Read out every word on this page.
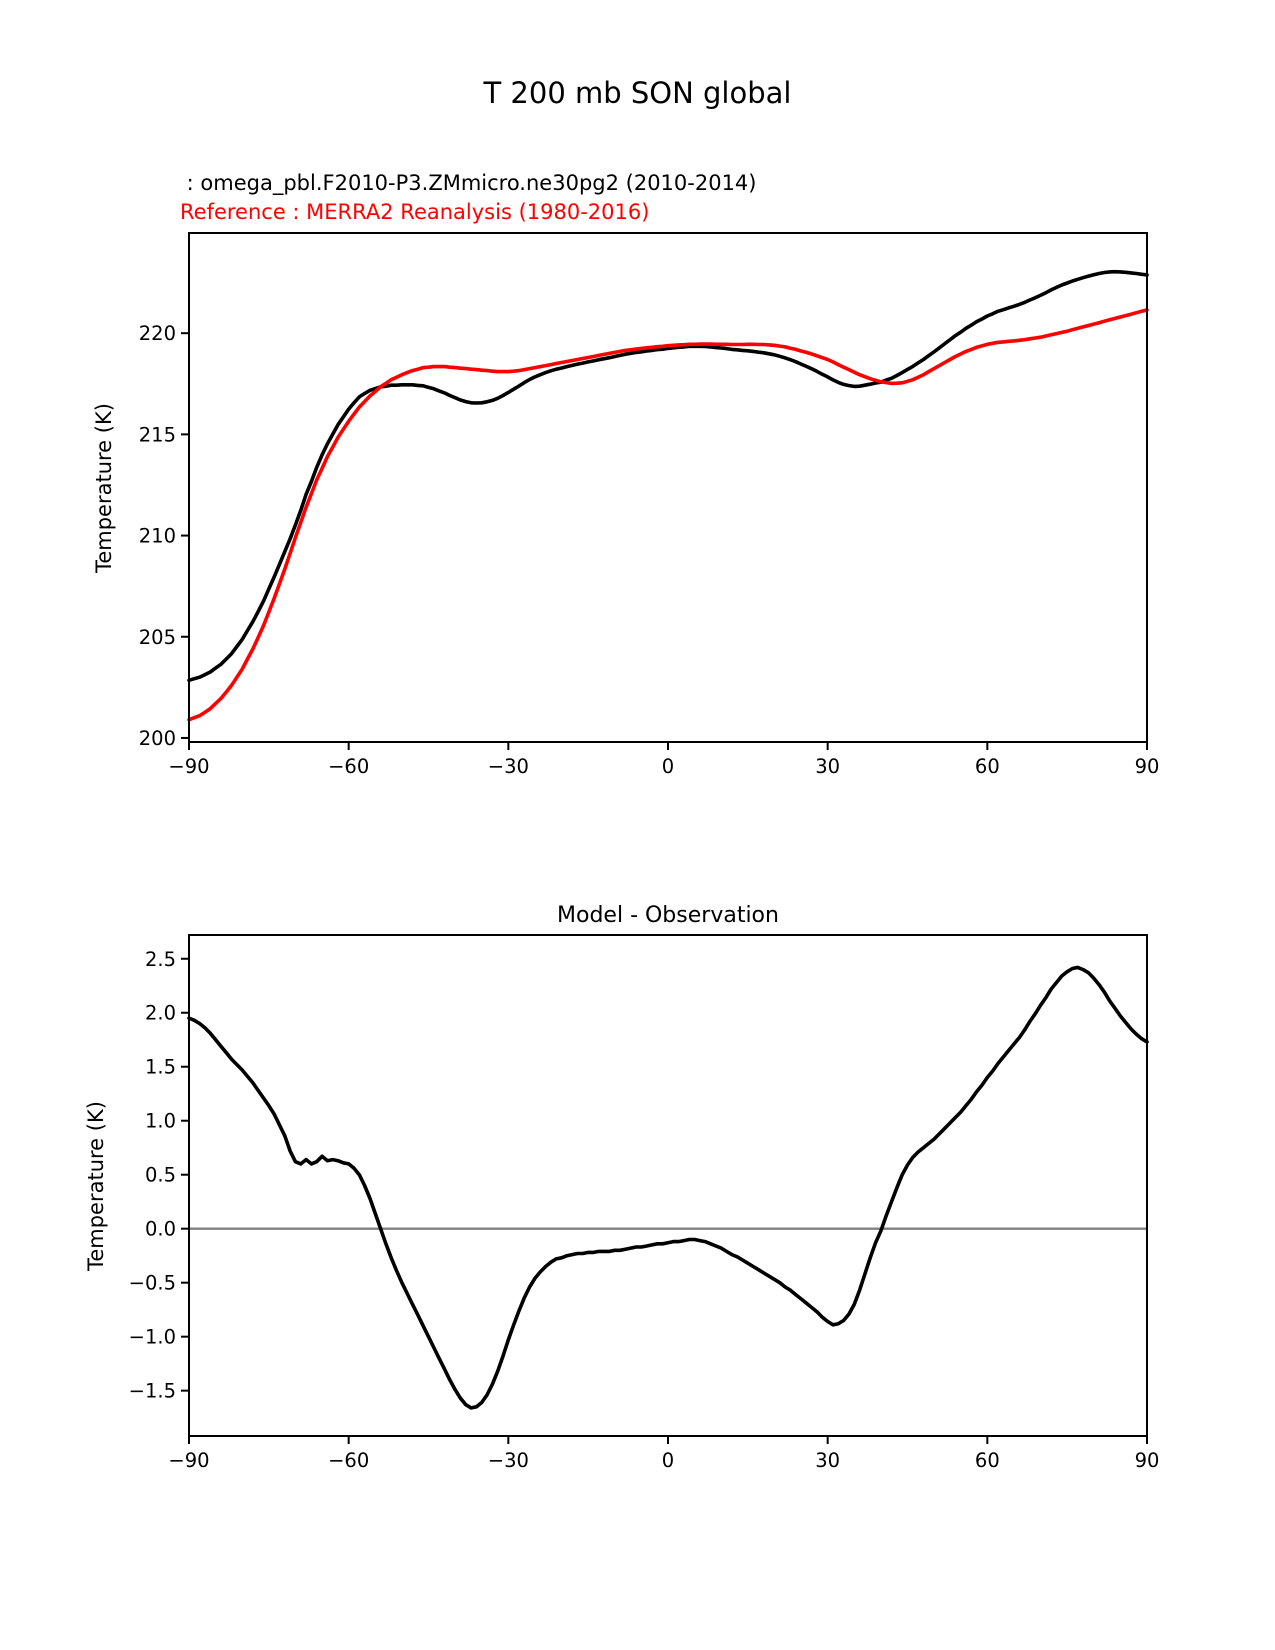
T 200 mb SON global
: omega_pbl.F2010-P3.ZMmicro.ne30pg2 (2010-2014)
Reference : MERRA2 Reanalysis (1980-2016)
Model - Observation
Temperature (K)
Temperature (K)
−90	−60	−30	0	30	60	90
200
205
210
215
220
−90	−60	−30	0	30	60	90
−1.5
−1.0
−0.5
0.0
0.5
1.0
1.5
2.0
2.5
